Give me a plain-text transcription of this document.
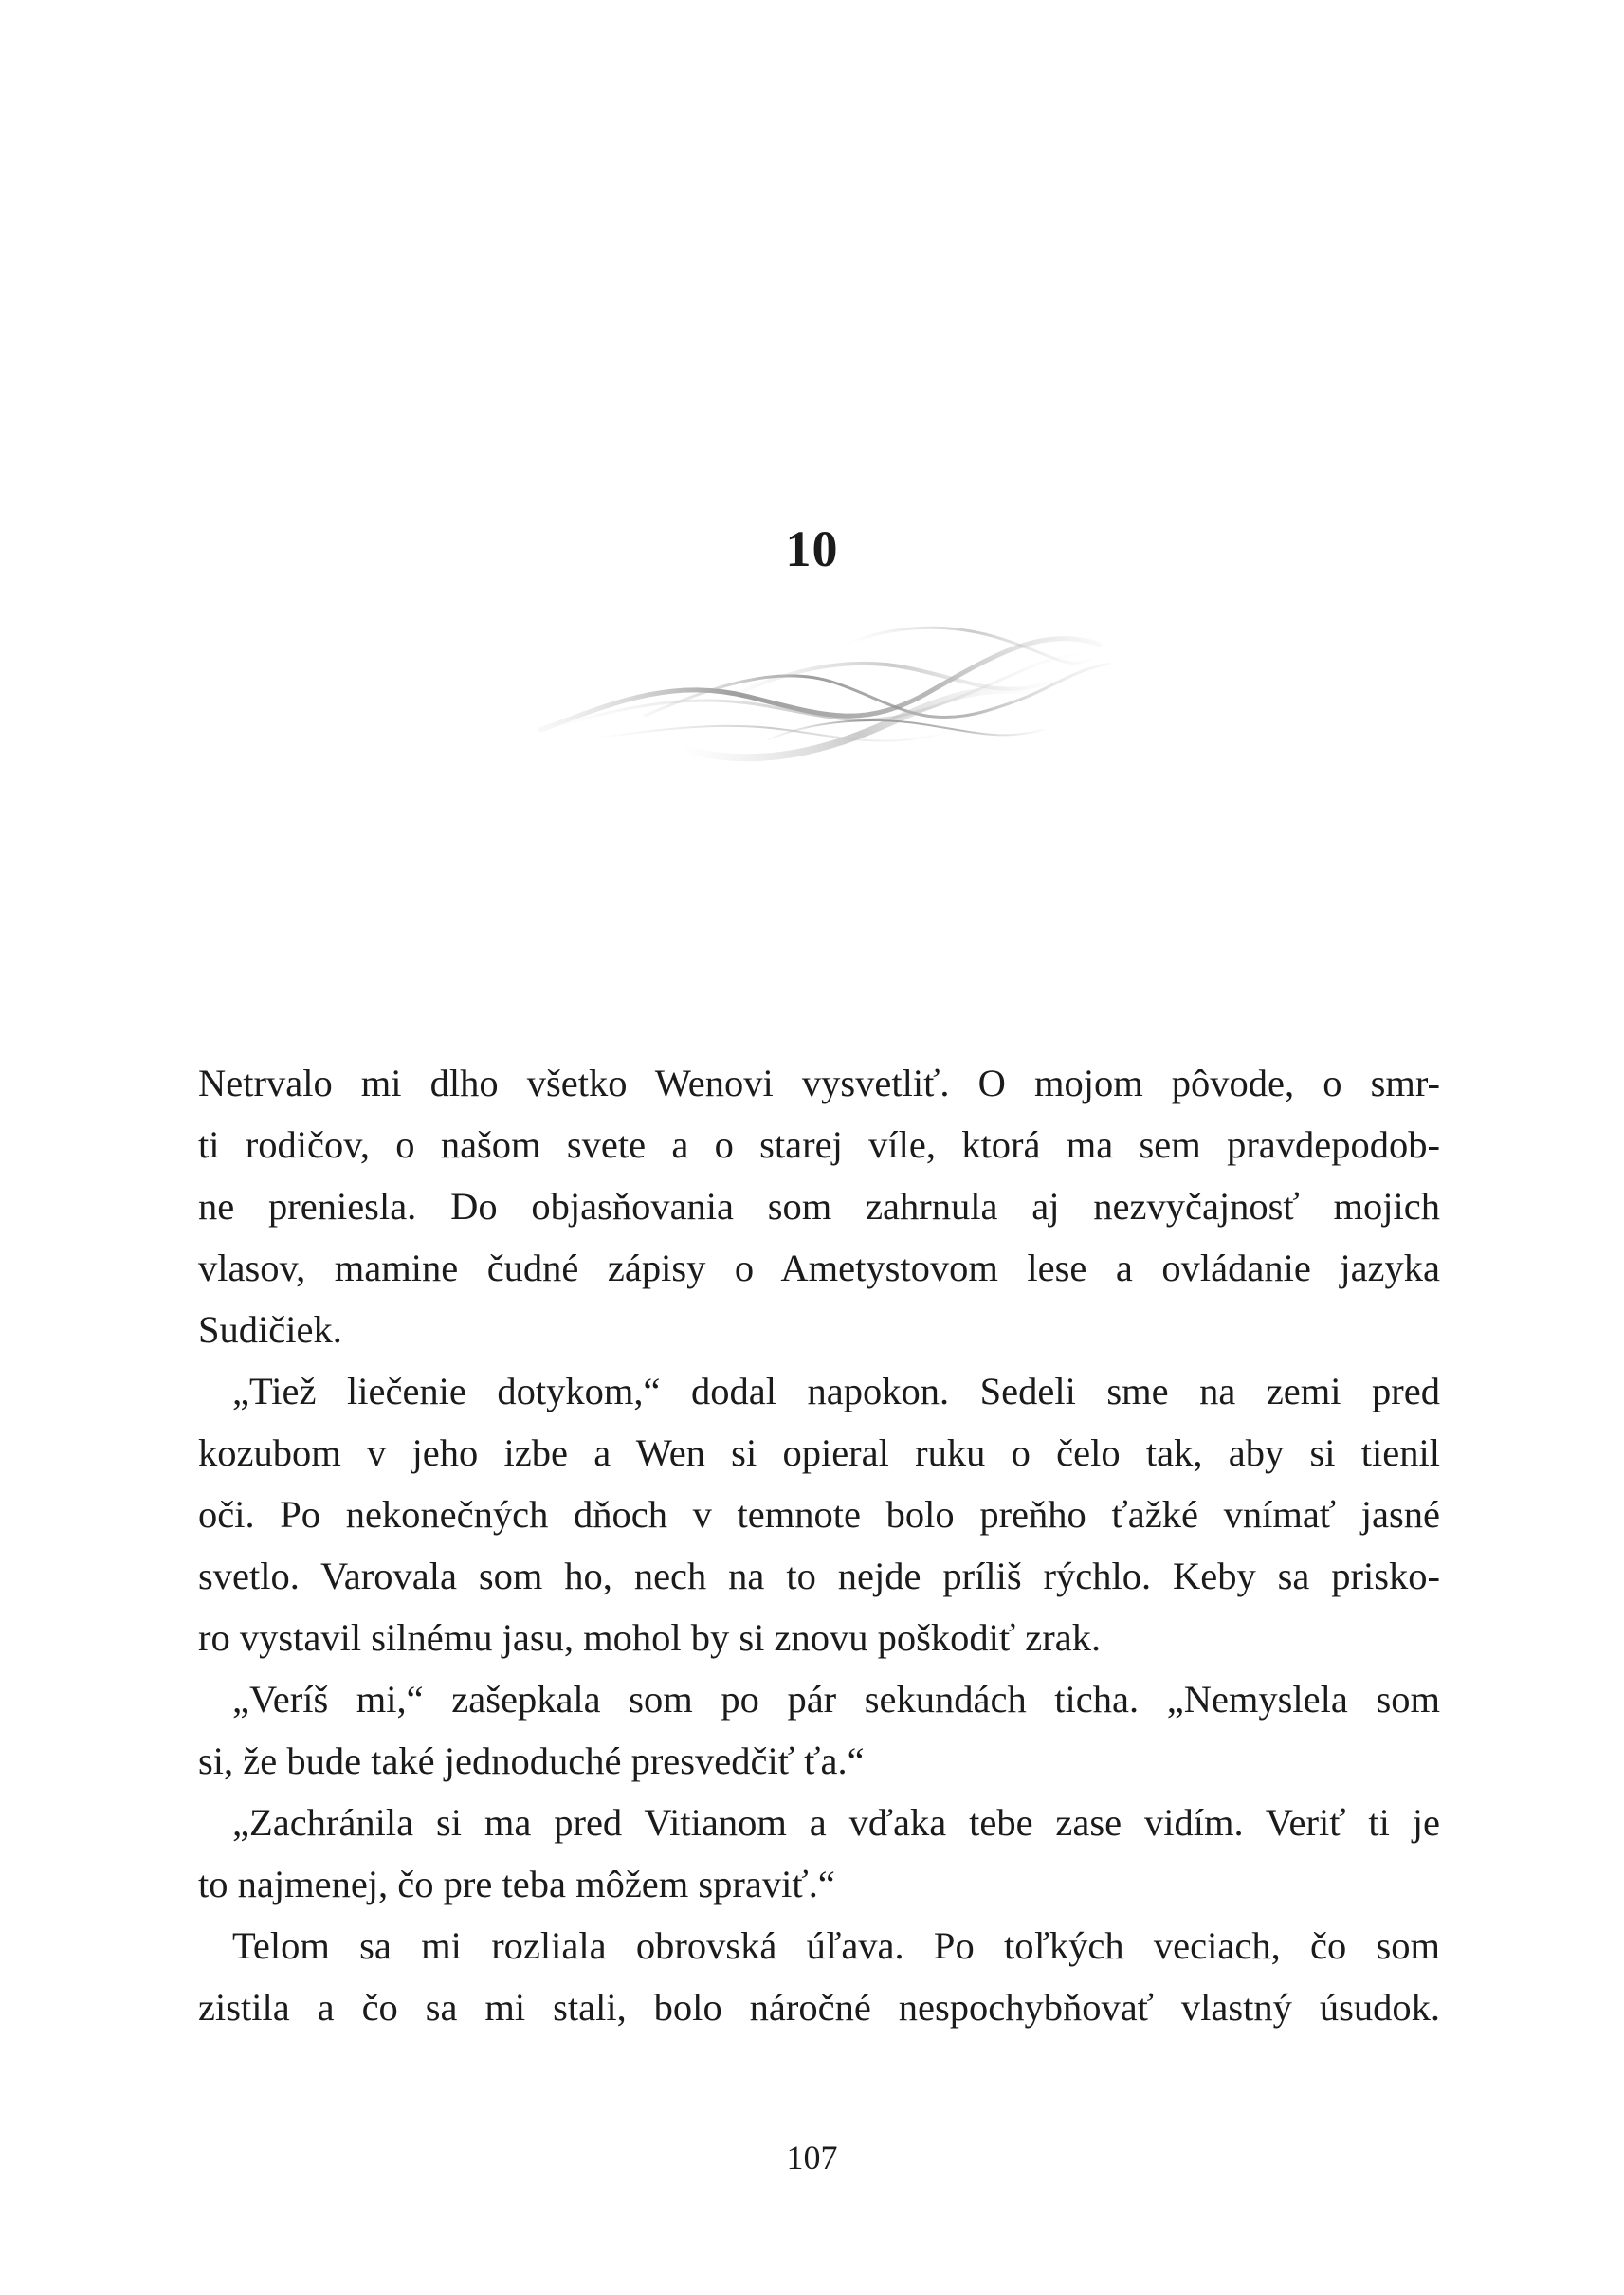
10

Netrvalo mi dlho všetko Wenovi vysvetliť. O mojom pôvode, o smr-

ti rodičov, o našom svete a o starej víle, ktorá ma sem pravdepodob-

ne preniesla. Do objasňovania som zahrnula aj nezvyčajnosť mojich

vlasov, mamine čudné zápisy o Ametystovom lese a ovládanie jazyka

Sudičiek.

„Tiež liečenie dotykom,“ dodal napokon. Sedeli sme na zemi pred

kozubom v jeho izbe a Wen si opieral ruku o čelo tak, aby si tienil

oči. Po nekonečných dňoch v temnote bolo preňho ťažké vnímať jasné

svetlo. Varovala som ho, nech na to nejde príliš rýchlo. Keby sa prisko-

ro vystavil silnému jasu, mohol by si znovu poškodiť zrak.

„Veríš mi,“ zašepkala som po pár sekundách ticha. „Nemyslela som

si, že bude také jednoduché presvedčiť ťa.“

„Zachránila si ma pred Vitianom a vďaka tebe zase vidím. Veriť ti je

to najmenej, čo pre teba môžem spraviť.“

Telom sa mi rozliala obrovská úľava. Po toľkých veciach, čo som

zistila a čo sa mi stali, bolo náročné nespochybňovať vlastný úsudok.

107
